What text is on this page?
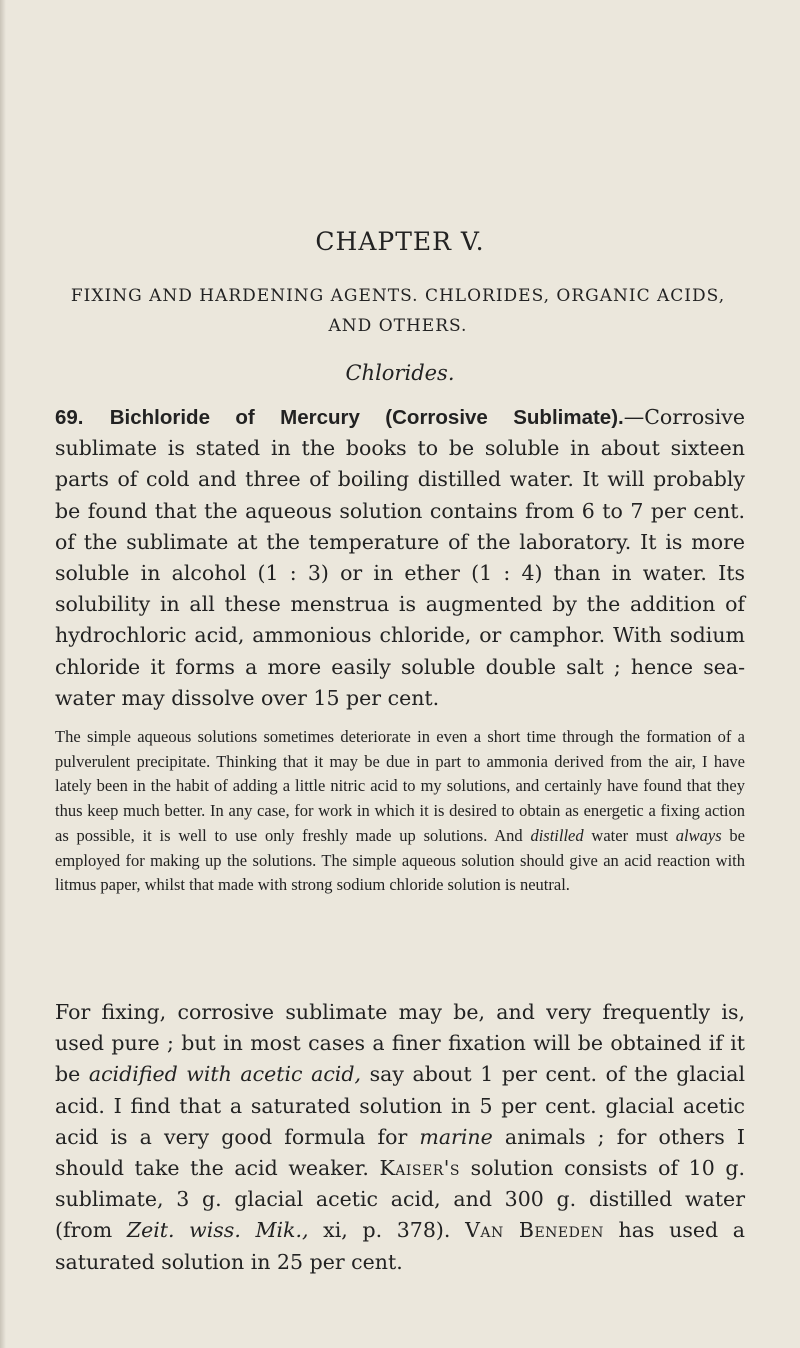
CHAPTER V.
FIXING AND HARDENING AGENTS. CHLORIDES, ORGANIC ACIDS, AND OTHERS.
Chlorides.

69. Bichloride of Mercury (Corrosive Sublimate).—Corrosive sublimate is stated in the books to be soluble in about sixteen parts of cold and three of boiling distilled water. It will probably be found that the aqueous solution contains from 6 to 7 per cent. of the sublimate at the temperature of the laboratory. It is more soluble in alcohol (1 : 3) or in ether (1 : 4) than in water. Its solubility in all these menstrua is augmented by the addition of hydrochloric acid, ammonious chloride, or camphor. With sodium chloride it forms a more easily soluble double salt ; hence sea-water may dissolve over 15 per cent.

The simple aqueous solutions sometimes deteriorate in even a short time through the formation of a pulverulent precipitate. Thinking that it may be due in part to ammonia derived from the air, I have lately been in the habit of adding a little nitric acid to my solutions, and certainly have found that they thus keep much better. In any case, for work in which it is desired to obtain as energetic a fixing action as possible, it is well to use only freshly made up solutions. And distilled water must always be employed for making up the solutions. The simple aqueous solution should give an acid reaction with litmus paper, whilst that made with strong sodium chloride solution is neutral.

For fixing, corrosive sublimate may be, and very frequently is, used pure ; but in most cases a finer fixation will be obtained if it be acidified with acetic acid, say about 1 per cent. of the glacial acid. I find that a saturated solution in 5 per cent. glacial acetic acid is a very good formula for marine animals ; for others I should take the acid weaker. Kaiser's solution consists of 10 g. sublimate, 3 g. glacial acetic acid, and 300 g. distilled water (from Zeit. wiss. Mik., xi, p. 378). Van Beneden has used a saturated solution in 25 per cent.
